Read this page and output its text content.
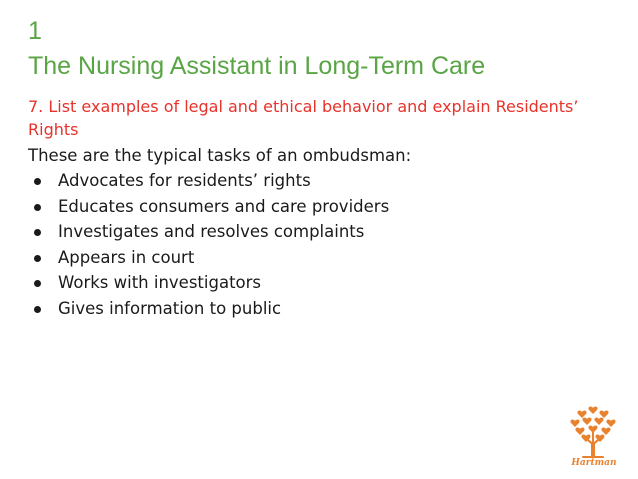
1
The Nursing Assistant in Long-Term Care
7. List examples of legal and ethical behavior and explain Residents’ Rights
These are the typical tasks of an ombudsman:
Advocates for residents’ rights
Educates consumers and care providers
Investigates and resolves complaints
Appears in court
Works with investigators
Gives information to public
Hartman
